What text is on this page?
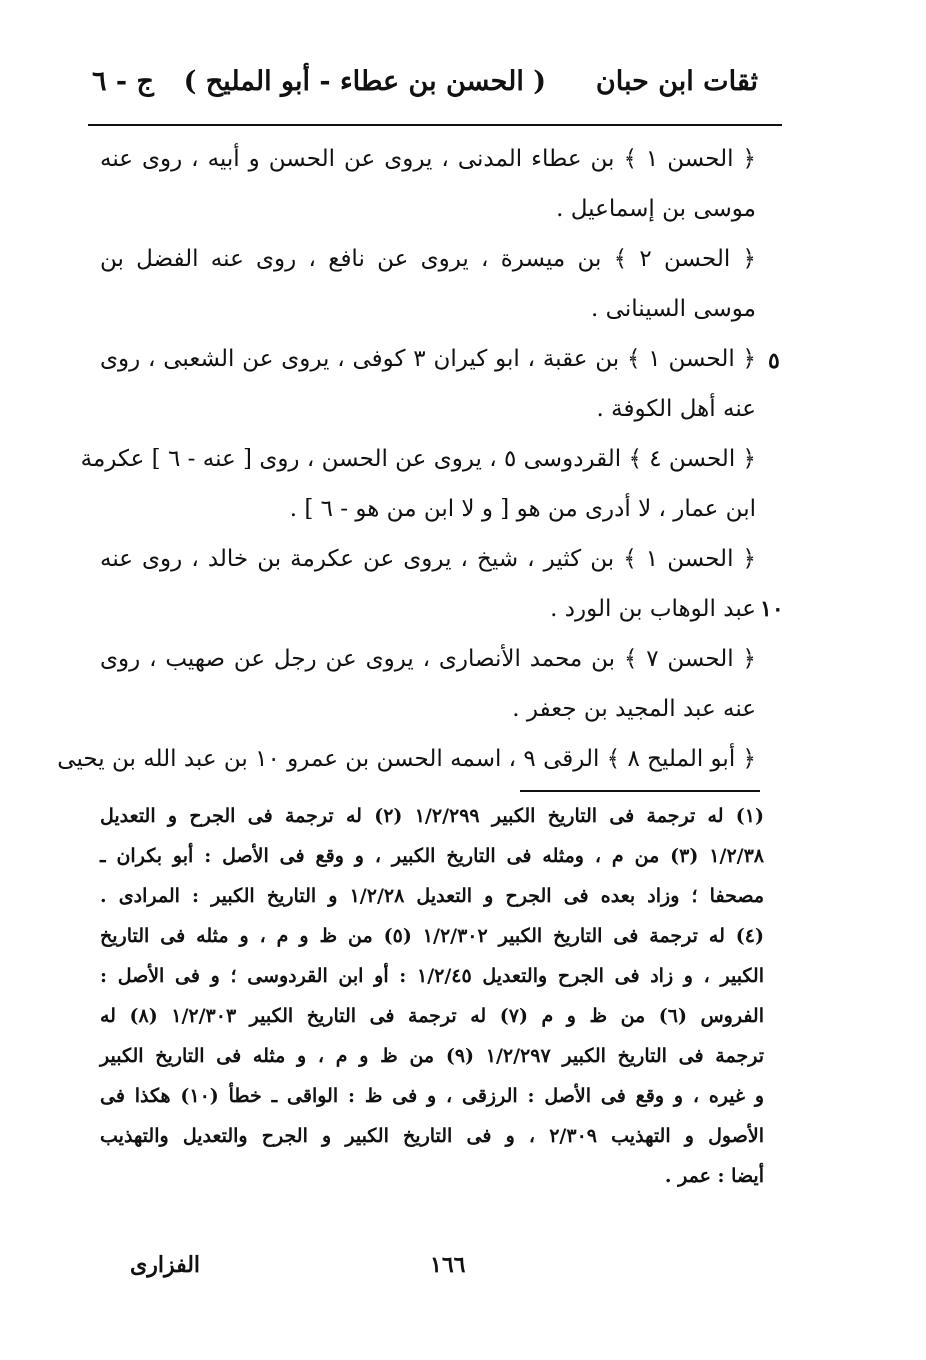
ثقات ابن حبان
( الحسن بن عطاء - أبو المليح )
ج - ٦
٥
١٠
﴿ الحسن ١ ﴾ بن عطاء المدنى ، يروى عن الحسن و أبيه ، روى عنه
موسى بن إسماعيل .
﴿ الحسن ٢ ﴾ بن ميسرة ، يروى عن نافع ، روى عنه الفضل بن
موسى السينانى .
﴿ الحسن ١ ﴾ بن عقبة ، ابو كيران ٣ كوفى ، يروى عن الشعبى ، روى
عنه أهل الكوفة .
﴿ الحسن ٤ ﴾ القردوسى ٥ ، يروى عن الحسن ، روى [ عنه - ٦ ] عكرمة
ابن عمار ، لا أدرى من هو [ و لا ابن من هو - ٦ ] .
﴿ الحسن ١ ﴾ بن كثير ، شيخ ، يروى عن عكرمة بن خالد ، روى عنه
عبد الوهاب بن الورد .
﴿ الحسن ٧ ﴾ بن محمد الأنصارى ، يروى عن رجل عن صهيب ، روى
عنه عبد المجيد بن جعفر .
﴿ أبو المليح ٨ ﴾ الرقى ٩ ، اسمه الحسن بن عمرو ١٠ بن عبد الله بن يحيى
(١) له ترجمة فى التاريخ الكبير ١/٢/٢٩٩ (٢) له ترجمة فى الجرح و التعديل
١/٢/٣٨ (٣) من م ، ومثله فى التاريخ الكبير ، و وقع فى الأصل : أبو بكران ـ
مصحفا ؛ وزاد بعده فى الجرح و التعديل ١/٢/٢٨ و التاريخ الكبير : المرادى .
(٤) له ترجمة فى التاريخ الكبير ١/٢/٣٠٢ (٥) من ظ و م ، و مثله فى التاريخ
الكبير ، و زاد فى الجرح والتعديل ١/٢/٤٥ : أو ابن القردوسى ؛ و فى الأصل :
الفروس (٦) من ظ و م (٧) له ترجمة فى التاريخ الكبير ١/٢/٣٠٣ (٨) له
ترجمة فى التاريخ الكبير ١/٢/٢٩٧ (٩) من ظ و م ، و مثله فى التاريخ الكبير
و غيره ، و وقع فى الأصل : الرزقى ، و فى ظ : الواقى ـ خطأ (١٠) هكذا فى
الأصول و التهذيب ٢/٣٠٩ ، و فى التاريخ الكبير و الجرح والتعديل والتهذيب
أيضا : عمر .
١٦٦
الفزارى
